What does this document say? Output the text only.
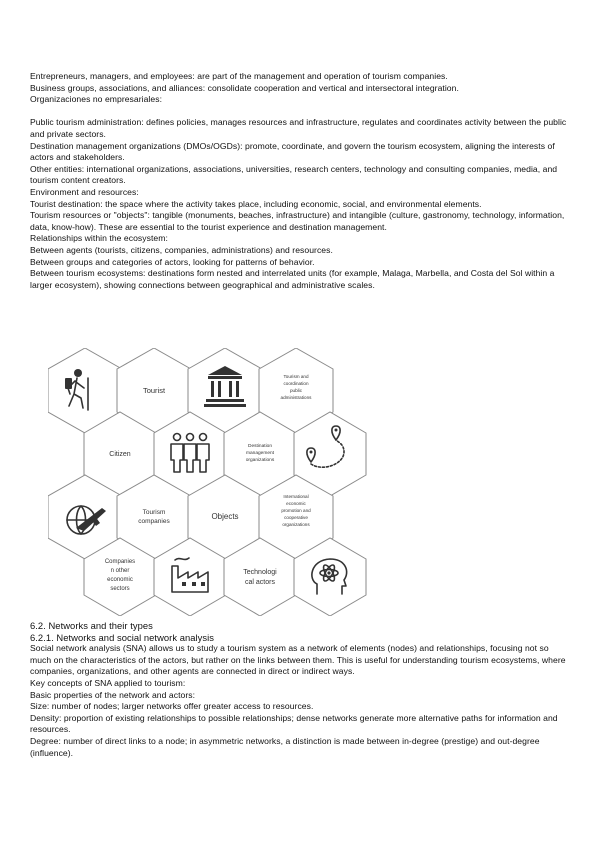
Entrepreneurs, managers, and employees: are part of the management and operation of tourism companies.

Business groups, associations, and alliances: consolidate cooperation and vertical and intersectoral integration.

Organizaciones no empresariales:

Public tourism administration: defines policies, manages resources and infrastructure, regulates and coordinates activity between the public and private sectors.

Destination management organizations (DMOs/OGDs): promote, coordinate, and govern the tourism ecosystem, aligning the interests of actors and stakeholders.

Other entities: international organizations, associations, universities, research centers, technology and consulting companies, media, and tourism content creators.

Environment and resources:

Tourist destination: the space where the activity takes place, including economic, social, and environmental elements.

Tourism resources or "objects": tangible (monuments, beaches, infrastructure) and intangible (culture, gastronomy, technology, information, data, know-how). These are essential to the tourist experience and destination management.

Relationships within the ecosystem:

Between agents (tourists, citizens, companies, administrations) and resources.

Between groups and categories of actors, looking for patterns of behavior.

Between tourism ecosystems: destinations form nested and interrelated units (for example, Malaga, Marbella, and Costa del Sol within a larger ecosystem), showing connections between geographical and administrative scales.

Tourist
Tourism and
coordination
public
administrations
Citizen
Destination
management
organizations
Tourism
companies
Objects
International
economic
promotion and
cooperative
organizations
Companies
n other
economic
sectors
Technologi
cal actors

6.2. Networks and their types

6.2.1. Networks and social network analysis

Social network analysis (SNA) allows us to study a tourism system as a network of elements (nodes) and relationships, focusing not so much on the characteristics of the actors, but rather on the links between them. This is useful for understanding tourism ecosystems, where companies, organizations, and other agents are connected in direct or indirect ways.

Key concepts of SNA applied to tourism:

Basic properties of the network and actors:

Size: number of nodes; larger networks offer greater access to resources.

Density: proportion of existing relationships to possible relationships; dense networks generate more alternative paths for information and resources.

Degree: number of direct links to a node; in asymmetric networks, a distinction is made between in-degree (prestige) and out-degree (influence).
